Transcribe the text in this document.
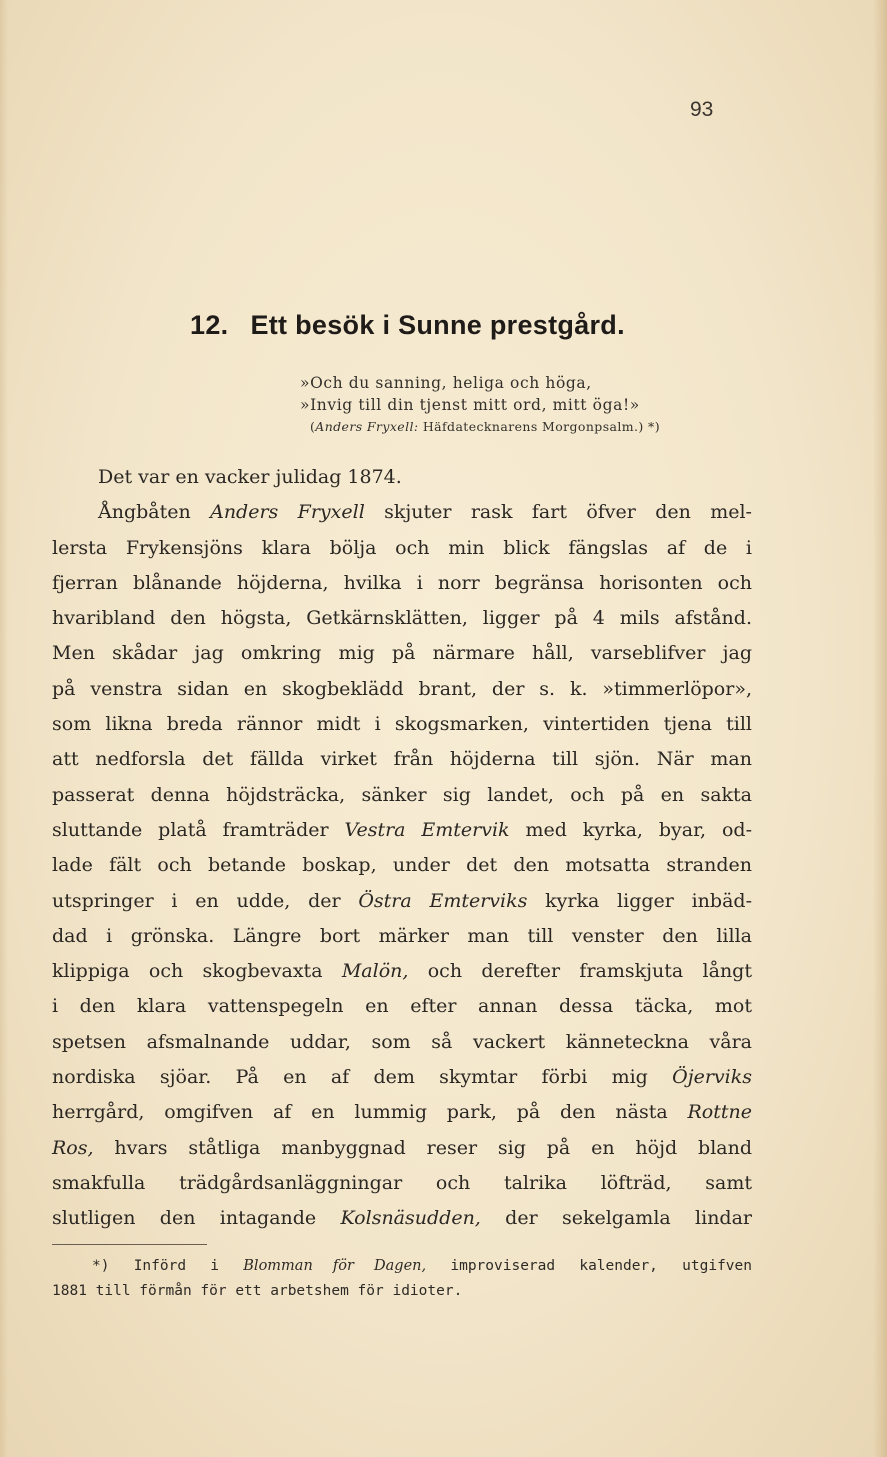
93
12. Ett besök i Sunne prestgård.
»Och du sanning, heliga och höga,
»Invig till din tjenst mitt ord, mitt öga!»
(Anders Fryxell: Häfdatecknarens Morgonpsalm.) *)
Det var en vacker julidag 1874.
Ångbåten Anders Fryxell skjuter rask fart öfver den mel-
lersta Frykensjöns klara bölja och min blick fängslas af de i
fjerran blånande höjderna, hvilka i norr begränsa horisonten och
hvaribland den högsta, Getkärnsklätten, ligger på 4 mils afstånd.
Men skådar jag omkring mig på närmare håll, varseblifver jag
på venstra sidan en skogbeklädd brant, der s. k. »timmerlöpor»,
som likna breda rännor midt i skogsmarken, vintertiden tjena till
att nedforsla det fällda virket från höjderna till sjön. När man
passerat denna höjdsträcka, sänker sig landet, och på en sakta
sluttande platå framträder Vestra Emtervik med kyrka, byar, od-
lade fält och betande boskap, under det den motsatta stranden
utspringer i en udde, der Östra Emterviks kyrka ligger inbäd-
dad i grönska. Längre bort märker man till venster den lilla
klippiga och skogbevaxta Malön, och derefter framskjuta långt
i den klara vattenspegeln en efter annan dessa täcka, mot
spetsen afsmalnande uddar, som så vackert känneteckna våra
nordiska sjöar. På en af dem skymtar förbi mig Öjerviks
herrgård, omgifven af en lummig park, på den nästa Rottne
Ros, hvars ståtliga manbyggnad reser sig på en höjd bland
smakfulla trädgårdsanläggningar och talrika löfträd, samt
slutligen den intagande Kolsnäsudden, der sekelgamla lindar
*) Införd i Blomman för Dagen, improviserad kalender, utgifven
1881 till förmån för ett arbetshem för idioter.
